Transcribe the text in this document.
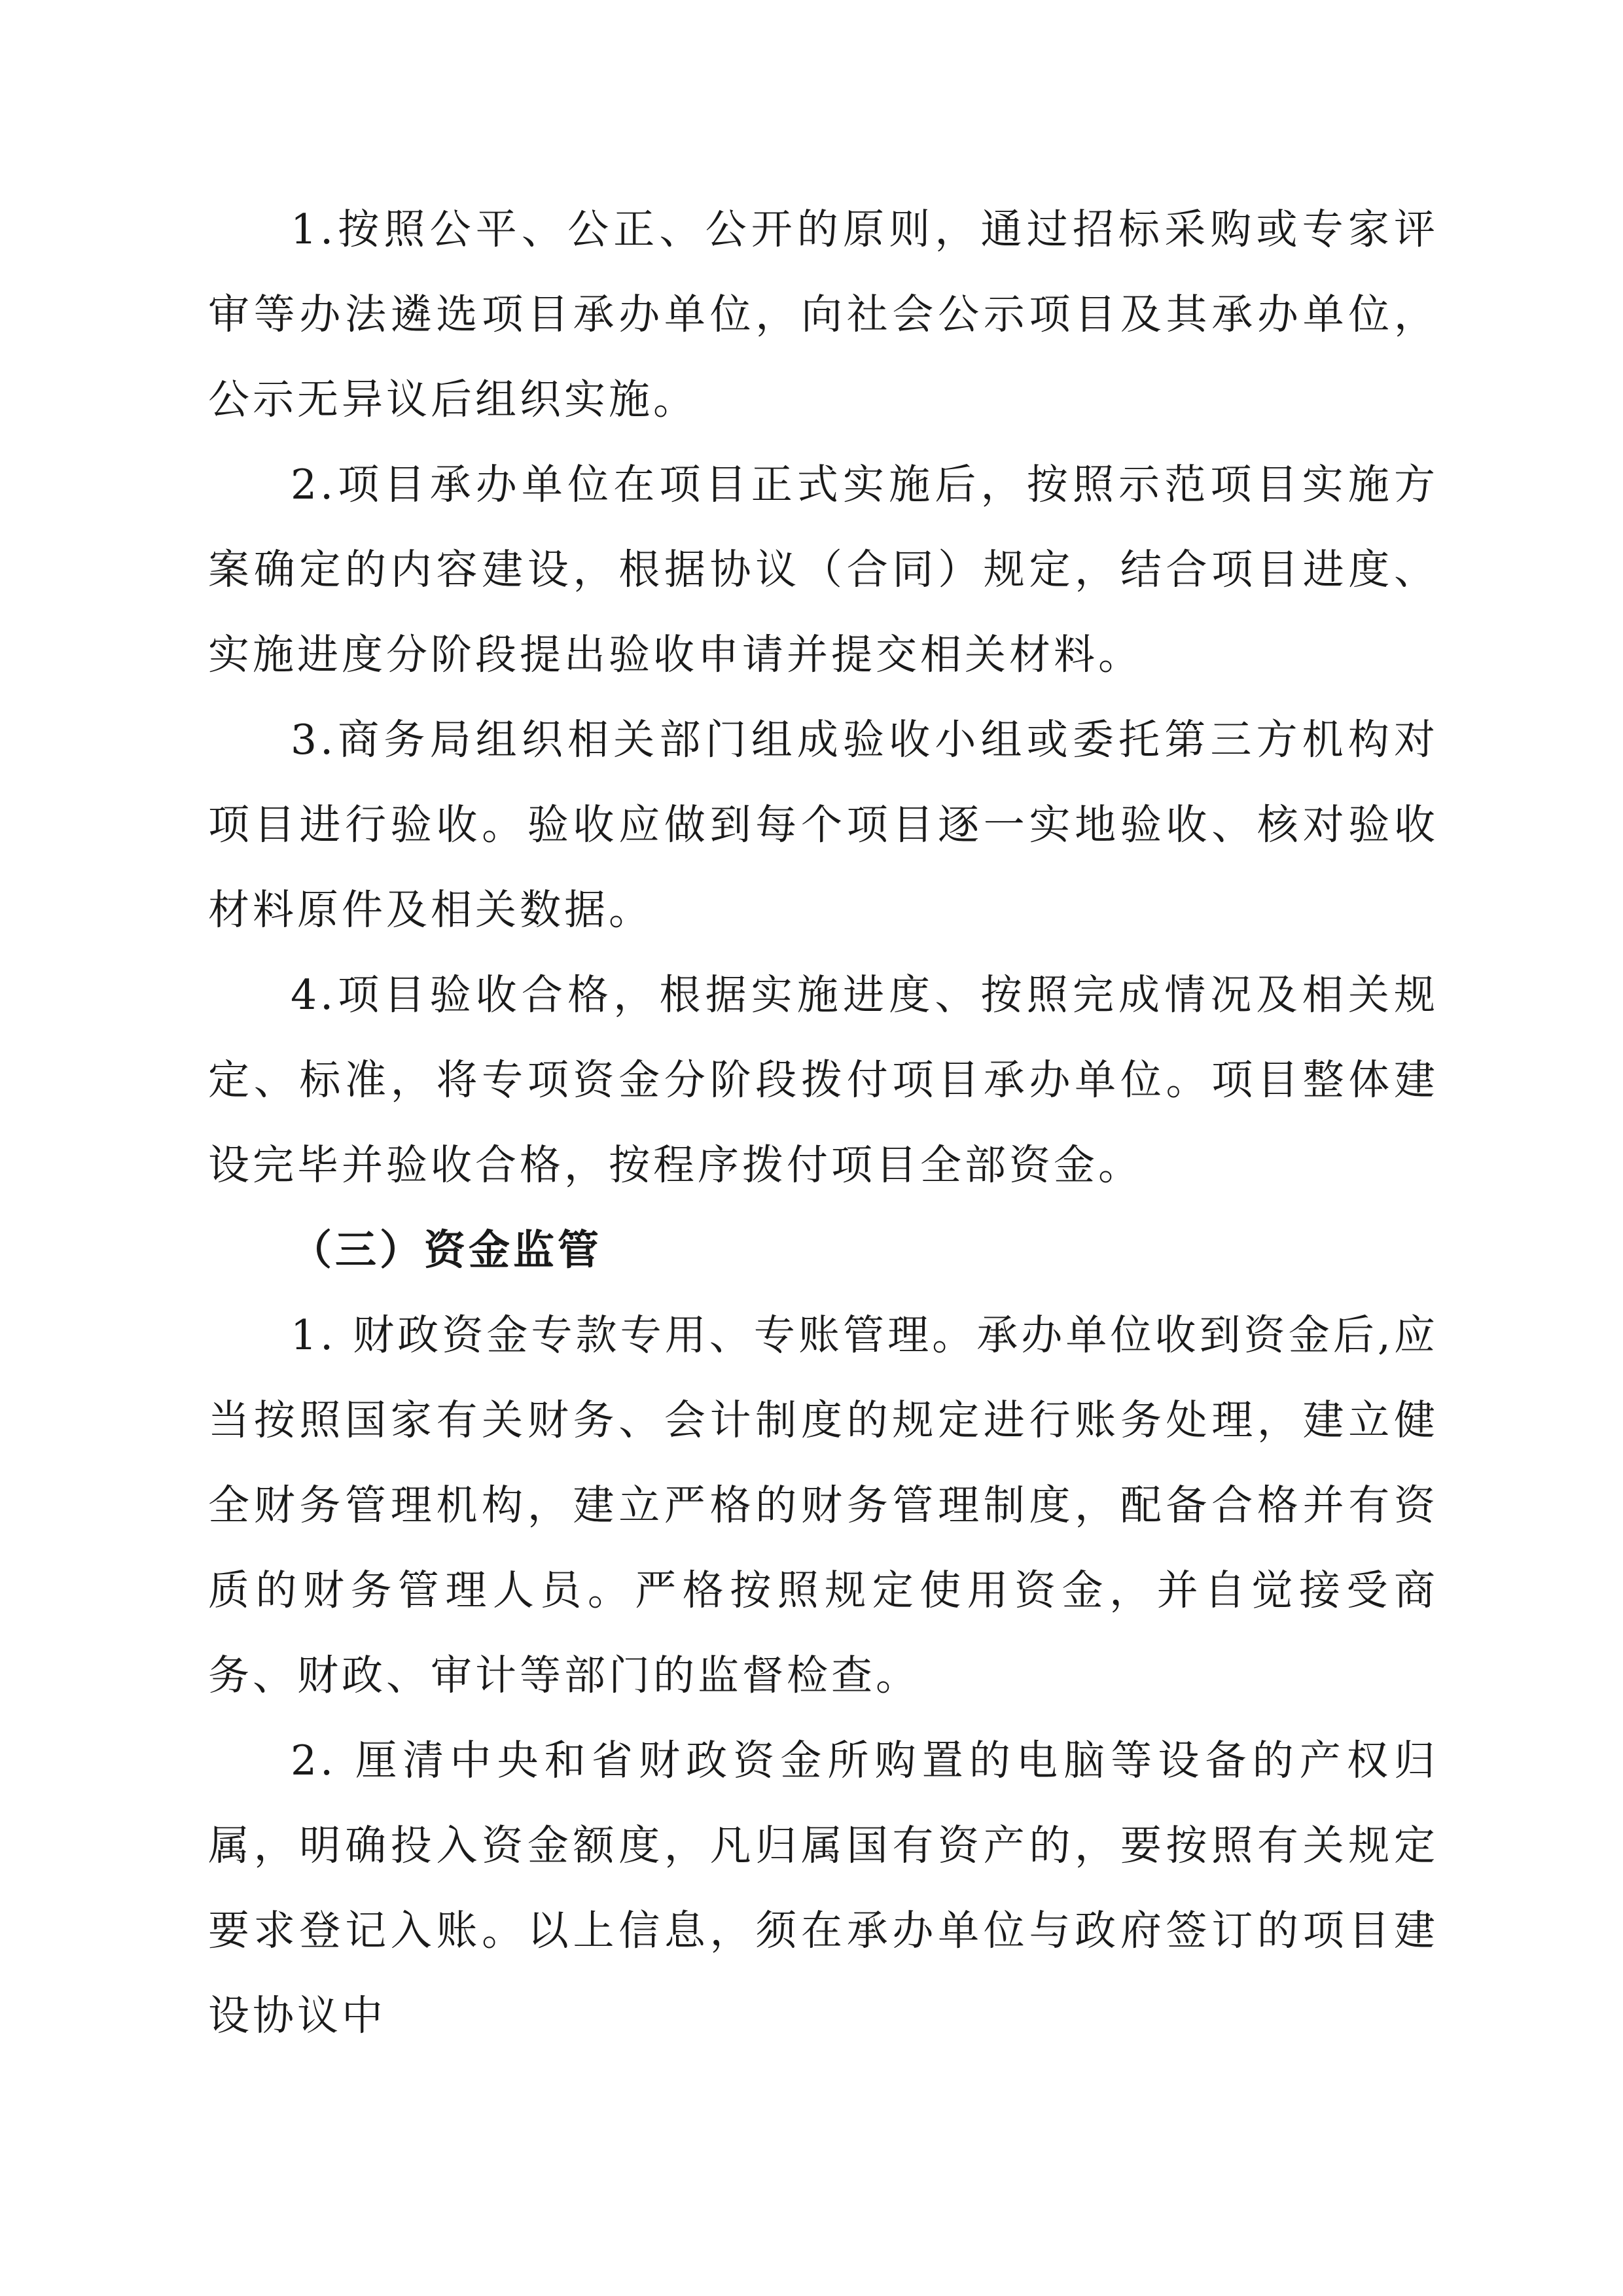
1.按照公平、公正、公开的原则，通过招标采购或专家评审等办法遴选项目承办单位，向社会公示项目及其承办单位，公示无异议后组织实施。

2.项目承办单位在项目正式实施后，按照示范项目实施方案确定的内容建设，根据协议（合同）规定，结合项目进度、实施进度分阶段提出验收申请并提交相关材料。

3.商务局组织相关部门组成验收小组或委托第三方机构对项目进行验收。验收应做到每个项目逐一实地验收、核对验收材料原件及相关数据。

4.项目验收合格，根据实施进度、按照完成情况及相关规定、标准，将专项资金分阶段拨付项目承办单位。项目整体建设完毕并验收合格，按程序拨付项目全部资金。

（三）资金监管

1. 财政资金专款专用、专账管理。承办单位收到资金后,应当按照国家有关财务、会计制度的规定进行账务处理，建立健全财务管理机构，建立严格的财务管理制度，配备合格并有资质的财务管理人员。严格按照规定使用资金，并自觉接受商务、财政、审计等部门的监督检查。

2. 厘清中央和省财政资金所购置的电脑等设备的产权归属，明确投入资金额度，凡归属国有资产的，要按照有关规定要求登记入账。以上信息，须在承办单位与政府签订的项目建设协议中
